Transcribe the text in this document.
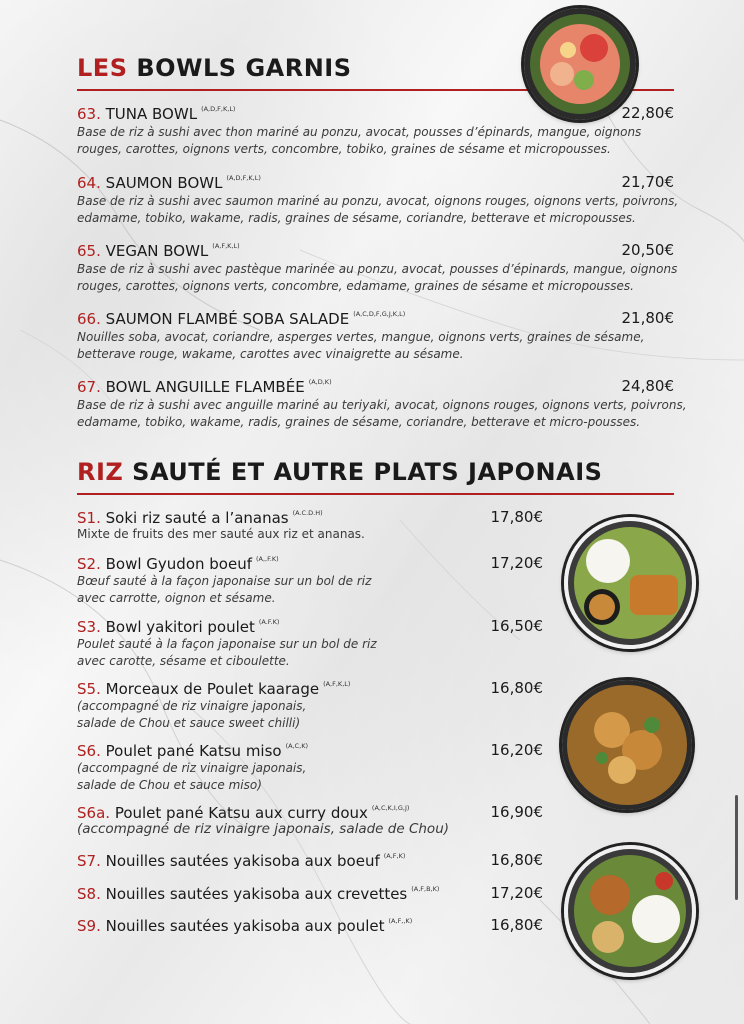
LES BOWLS GARNIS
63. TUNA BOWL $^{(A,D,F,K,L)}$	22,80€
Base de riz à sushi avec thon mariné au ponzu, avocat, pousses d’épinards, mangue, oignons
rouges, carottes, oignons verts, concombre, tobiko, graines de sésame et micropousses.
64. SAUMON BOWL $^{(A,D,F,K,L)}$	21,70€
Base de riz à sushi avec saumon mariné au ponzu, avocat, oignons rouges, oignons verts, poivrons,
edamame, tobiko, wakame, radis, graines de sésame, coriandre, betterave et micropousses.
65. VEGAN BOWL $^{(A,F,K,L)}$	20,50€
Base de riz à sushi avec pastèque marinée au ponzu, avocat, pousses d’épinards, mangue, oignons
rouges, carottes, oignons verts, concombre, edamame, graines de sésame et micropousses.
66. SAUMON FLAMBÉ SOBA SALADE $^{(A,C,D,F,G,J,K,L)}$	21,80€
Nouilles soba, avocat, coriandre, asperges vertes, mangue, oignons verts, graines de sésame,
betterave rouge, wakame, carottes avec vinaigrette au sésame.
67. BOWL ANGUILLE FLAMBÉE $^{(A,D,K)}$	24,80€
Base de riz à sushi avec anguille mariné au teriyaki, avocat, oignons rouges, oignons verts, poivrons,
edamame, tobiko, wakame, radis, graines de sésame, coriandre, betterave et micro-pousses.
RIZ SAUTÉ ET AUTRE PLATS JAPONAIS
S1. Soki riz sauté a l’ananas $^{(A.C.D.H)}$	17,80€
Mixte de fruits des mer sauté aux riz et ananas.
S2. Bowl Gyudon boeuf $^{(A,,F.K)}$	17,20€
Bœuf sauté à la façon japonaise sur un bol de riz
avec carrotte, oignon et sésame.
S3. Bowl yakitori poulet $^{(A.F.K)}$	16,50€
Poulet sauté à la façon japonaise sur un bol de riz
avec carotte, sésame et ciboulette.
S5. Morceaux de Poulet kaarage $^{(A,F,K,L)}$	16,80€
(accompagné de riz vinaigre japonais,
salade de Chou et sauce sweet chilli)
S6. Poulet pané Katsu miso $^{(A,C,K)}$	16,20€
(accompagné de riz vinaigre japonais,
salade de Chou et sauce miso)
S6a. Poulet pané Katsu aux curry doux $^{(A,C,K,I,G,J)}$	16,90€
(accompagné de riz vinaigre japonais, salade de Chou)
S7. Nouilles sautées yakisoba aux boeuf $^{(A,F,K)}$	16,80€
S8. Nouilles sautées yakisoba aux crevettes $^{(A,F,B,K)}$	17,20€
S9. Nouilles sautées yakisoba aux poulet $^{(A,F,,K)}$	16,80€
